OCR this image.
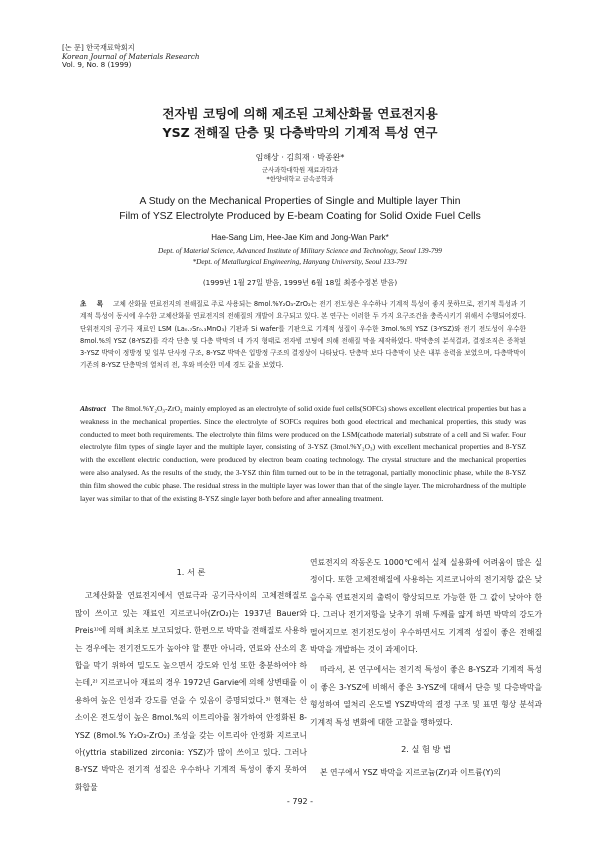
[논 문] 한국재료학회지
Korean Journal of Materials Research
Vol. 9, No. 8 (1999)
전자빔 코팅에 의해 제조된 고체산화물 연료전지용
YSZ 전해질 단층 및 다층박막의 기계적 특성 연구
임해상 · 김희재 · 박종완*
군사과학대학원 재료과학과
*한양대학교 금속공학과
A Study on the Mechanical Properties of Single and Multiple layer Thin
Film of YSZ Electrolyte Produced by E-beam Coating for Solid Oxide Fuel Cells
Hae-Sang Lim, Hee-Jae Kim and Jong-Wan Park*
Dept. of Material Science, Advanced Institute of Military Science and Technology, Seoul 139-799
*Dept. of Metallurgical Engineering, Hanyang University, Seoul 133-791
(1999년 1월 27일 받음, 1999년 6월 18일 최종수정본 받음)
초 록 고체 산화물 연료전지의 전해질로 주로 사용되는 8mol.%Y₂O₃-ZrO₂는 전기 전도성은 우수하나 기계적 특성이 좋지 못하므로, 전기적 특성과 기계적 특성이 동시에 우수한 고체산화물 연료전지의 전해질의 개발이 요구되고 있다. 본 연구는 이러한 두 가지 요구조건을 충족시키기 위해서 수행되어졌다. 단위전지의 공기극 재료인 LSM (La₀.₇Sr₀.₃MnO₃) 기판과 Si wafer를 기판으로 기계적 성질이 우수한 3mol.%의 YSZ (3-YSZ)와 전기 전도성이 우수한 8mol.%의 YSZ (8-YSZ)를 각각 단층 및 다층 박막의 네 가지 형태로 전자빔 코팅에 의해 전해질 막을 제작하였다. 박막층의 분석결과, 결정조직은 증착된 3-YSZ 박막이 정방정 및 일부 단사정 구조, 8-YSZ 박막은 입방정 구조의 결정상이 나타났다. 단층막 보다 다층막이 낮은 내부 응력을 보였으며, 다층박막이 기존의 8-YSZ 단층막의 열처리 전, 후와 비슷한 미세 경도 값을 보였다.
Abstract The 8mol.%Y₂O₃-ZrO₂ mainly employed as an electrolyte of solid oxide fuel cells(SOFCs) shows excellent electrical properties but has a weakness in the mechanical properties. Since the electrolyte of SOFCs requires both good electrical and mechanical properties, this study was conducted to meet both requirements. The electrolyte thin films were produced on the LSM(cathode material) substrate of a cell and Si wafer. Four electrolyte film types of single layer and the multiple layer, consisting of 3-YSZ (3mol.%Y₂O₃) with excellent mechanical properties and 8-YSZ with the excellent electric conduction, were produced by electron beam coating technology. The crystal structure and the mechanical properties were also analysed. As the results of the study, the 3-YSZ thin film turned out to be in the tetragonal, partially monoclinic phase, while the 8-YSZ thin film showed the cubic phase. The residual stress in the multiple layer was lower than that of the single layer. The microhardness of the multiple layer was similar to that of the existing 8-YSZ single layer both before and after annealing treatment.
1. 서 론

고체산화물 연료전지에서 연료극과 공기극사이의 고체전해질로 많이 쓰이고 있는 재료인 지르코니아(ZrO₂)는 1937년 Bauer와 Preis¹⁾에 의해 최초로 보고되었다. 한편으로 박막을 전해질로 사용하는 경우에는 전기전도도가 높아야 할 뿐만 아니라, 연료와 산소의 혼합을 막기 위하여 밀도도 높으면서 강도와 인성 또한 충분하여야 하는데,²⁾ 지르코니아 재료의 경우 1972년 Garvie에 의해 상변태를 이용하여 높은 인성과 강도를 얻을 수 있음이 증명되었다.³⁾ 현재는 산소이온 전도성이 높은 8mol.%의 이트리아를 첨가하여 안정화된 8-YSZ (8mol.% Y₂O₃-ZrO₂) 조성을 갖는 이트리아 안정화 지르코니아(yttria stabilized zirconia: YSZ)가 많이 쓰이고 있다. 그러나 8-YSZ 박막은 전기적 성질은 우수하나 기계적 특성이 좋지 못하여 화합물

연료전지의 작동온도 1000℃에서 실제 실용화에 어려움이 많은 실정이다. 또한 고체전해질에 사용하는 지르코니아의 전기저항 값은 낮을수록 연료전지의 출력이 향상되므로 가능한 한 그 값이 낮아야 한다. 그러나 전기저항을 낮추기 위해 두께를 얇게 하면 박막의 강도가 떨어지므로 전기전도성이 우수하면서도 기계적 성질이 좋은 전해질 박막을 개발하는 것이 과제이다.

따라서, 본 연구에서는 전기적 특성이 좋은 8-YSZ과 기계적 특성이 좋은 3-YSZ에 비해서 좋은 3-YSZ에 대해서 단층 및 다층박막을 형성하여 열처리 온도별 YSZ박막의 결정 구조 및 표면 형상 분석과 기계적 특성 변화에 대한 고찰을 행하였다.

2. 실 험 방 법

본 연구에서 YSZ 박막을 지르코늄(Zr)과 이트륨(Y)의

- 792 -
